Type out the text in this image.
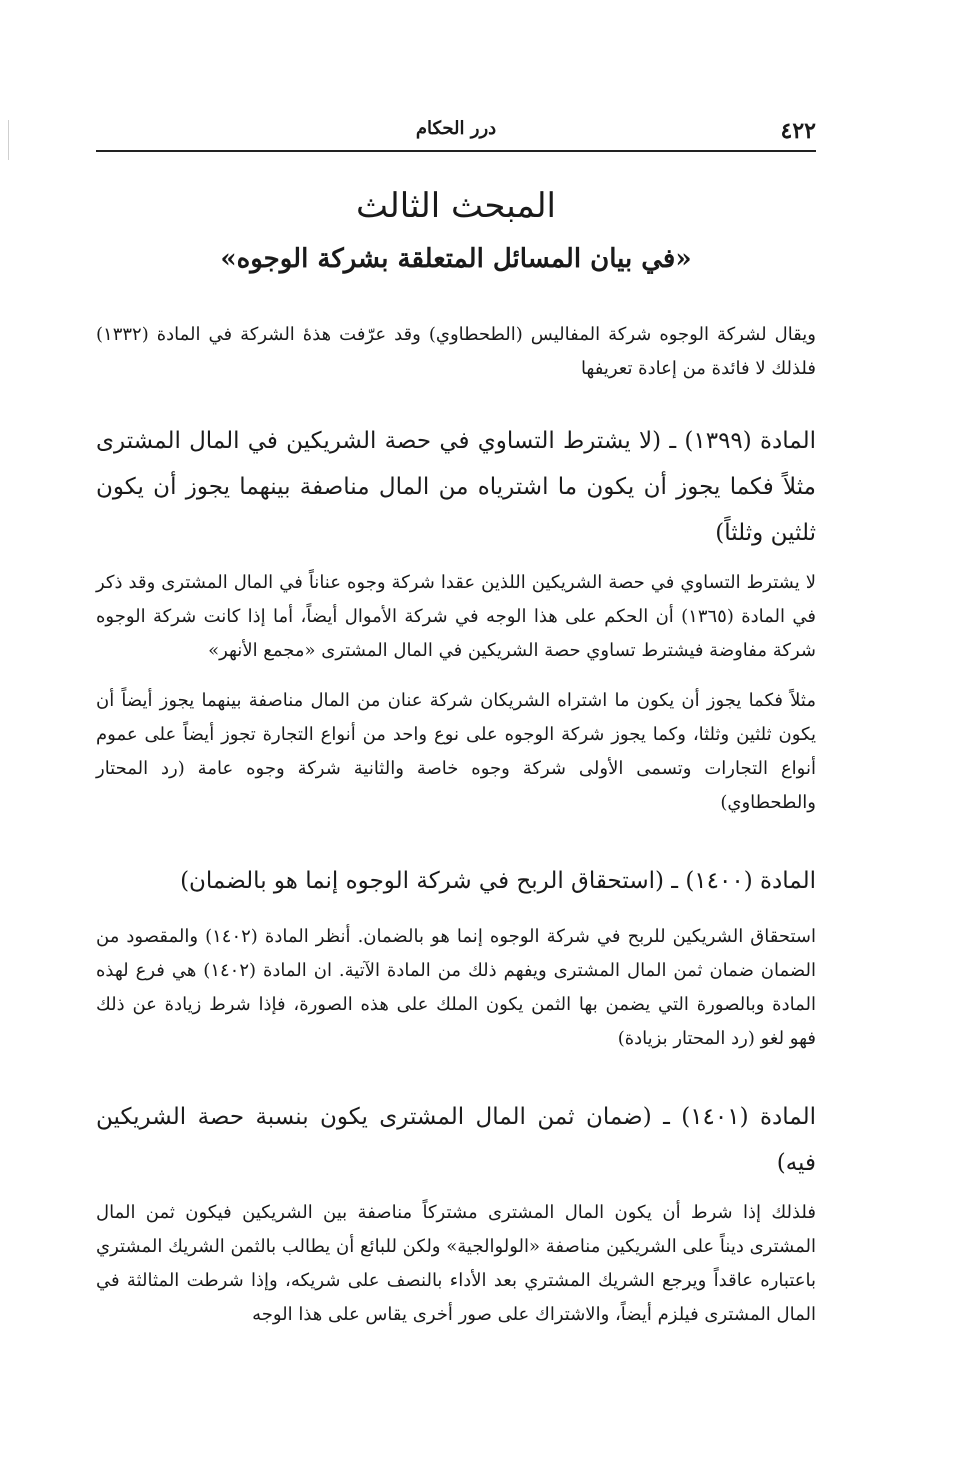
٤٢٢
درر الحكام
المبحث الثالث
«في بيان المسائل المتعلقة بشركة الوجوه»

ويقال لشركة الوجوه شركة المفاليس (الطحطاوي) وقد عرّفت هذهٔ الشركة في المادة (١٣٣٢) فلذلك لا فائدة من إعادة تعريفها

المادة (١٣٩٩) ـ (لا يشترط التساوي في حصة الشريكين في المال المشترى مثلاً فكما يجوز أن يكون ما اشترياه من المال مناصفة بينهما يجوز أن يكون ثلثين وثلثاً)

لا يشترط التساوي في حصة الشريكين اللذين عقدا شركة وجوه عناناً في المال المشترى وقد ذكر في المادة (١٣٦٥) أن الحكم على هذا الوجه في شركة الأموال أيضاً، أما إذا كانت شركة الوجوه شركة مفاوضة فيشترط تساوي حصة الشريكين في المال المشترى «مجمع الأنهر»

مثلاً فكما يجوز أن يكون ما اشتراه الشريكان شركة عنان من المال مناصفة بينهما يجوز أيضاً أن يكون ثلثين وثلثا، وكما يجوز شركة الوجوه على نوع واحد من أنواع التجارة تجوز أيضاً على عموم أنواع التجارات وتسمى الأولى شركة وجوه خاصة والثانية شركة وجوه عامة (رد المحتار والطحطاوي)

المادة (١٤٠٠) ـ (استحقاق الربح في شركة الوجوه إنما هو بالضمان)

استحقاق الشريكين للربح في شركة الوجوه إنما هو بالضمان. أنظر المادة (١٤٠٢) والمقصود من الضمان ضمان ثمن المال المشترى ويفهم ذلك من المادة الآتية. ان المادة (١٤٠٢) هي فرع لهذه المادة وبالصورة التي يضمن بها الثمن يكون الملك على هذه الصورة، فإذا شرط زيادة عن ذلك فهو لغو (رد المحتار بزيادة)

المادة (١٤٠١) ـ (ضمان ثمن المال المشترى يكون بنسبة حصة الشريكين فيه)

فلذلك إذا شرط أن يكون المال المشترى مشتركاً مناصفة بين الشريكين فيكون ثمن المال المشترى ديناً على الشريكين مناصفة «الولوالجية» ولكن للبائع أن يطالب بالثمن الشريك المشتري باعتباره عاقداً ويرجع الشريك المشتري بعد الأداء بالنصف على شريكه، وإذا شرطت المثالثة في المال المشترى فيلزم أيضاً، والاشتراك على صور أخرى يقاس على هذا الوجه
